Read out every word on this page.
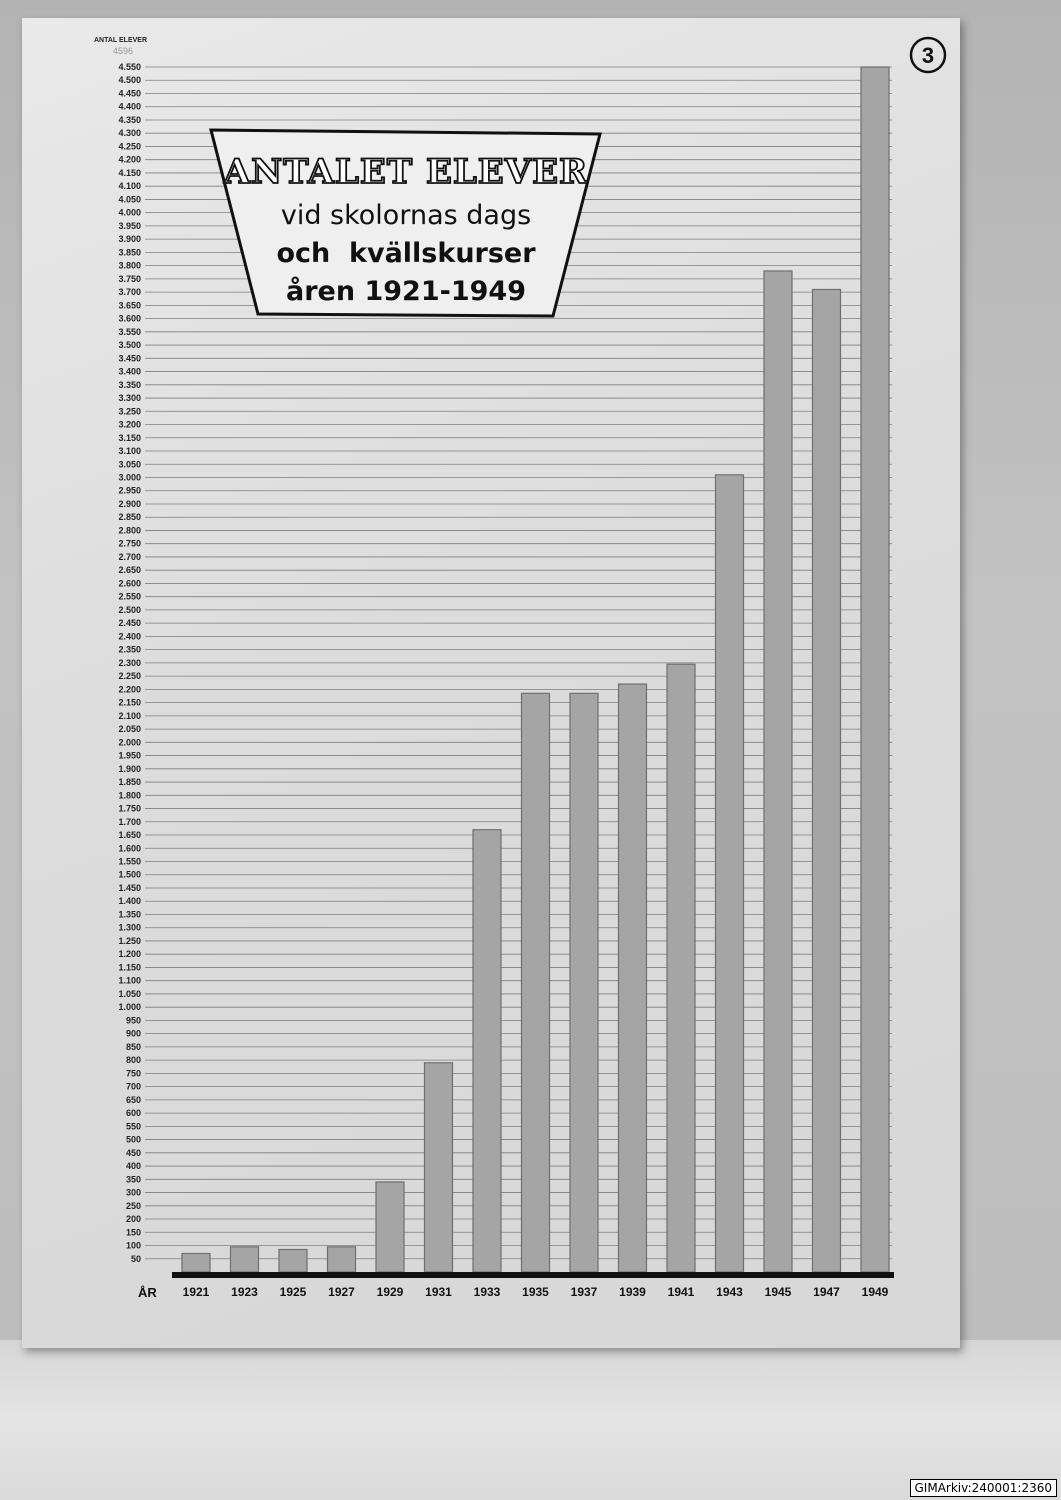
50
100
150
200
250
300
350
400
450
500
550
600
650
700
750
800
850
900
950
1.000
1.050
1.100
1.150
1.200
1.250
1.300
1.350
1.400
1.450
1.500
1.550
1.600
1.650
1.700
1.750
1.800
1.850
1.900
1.950
2.000
2.050
2.100
2.150
2.200
2.250
2.300
2.350
2.400
2.450
2.500
2.550
2.600
2.650
2.700
2.750
2.800
2.850
2.900
2.950
3.000
3.050
3.100
3.150
3.200
3.250
3.300
3.350
3.400
3.450
3.500
3.550
3.600
3.650
3.700
3.750
3.800
3.850
3.900
3.950
4.000
4.050
4.100
4.150
4.200
4.250
4.300
4.350
4.400
4.450
4.500
4.550
1921 1923 1925 1927 1929 1931 1933 1935 1937 1939 1941 1943 1945 1947 1949
ANTAL ELEVER
4596
ÅR
3
ANTALET ELEVER
vid skolornas dags
och  kvällskurser
åren 1921-1949
GIMArkiv:240001:2360
